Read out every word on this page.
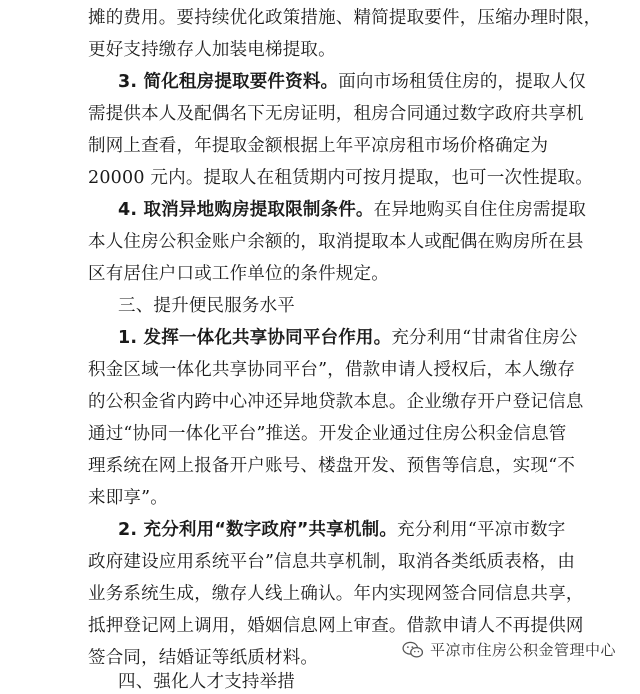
摊的费用。要持续优化政策措施、精简提取要件，压缩办理时限，
更好支持缴存人加装电梯提取。
3. 简化租房提取要件资料。面向市场租赁住房的，提取人仅
需提供本人及配偶名下无房证明，租房合同通过数字政府共享机
制网上查看，年提取金额根据上年平凉房租市场价格确定为
20000 元内。提取人在租赁期内可按月提取，也可一次性提取。
4. 取消异地购房提取限制条件。在异地购买自住住房需提取
本人住房公积金账户余额的，取消提取本人或配偶在购房所在县
区有居住户口或工作单位的条件规定。
三、提升便民服务水平
1. 发挥一体化共享协同平台作用。充分利用“甘肃省住房公
积金区域一体化共享协同平台”，借款申请人授权后，本人缴存
的公积金省内跨中心冲还异地贷款本息。企业缴存开户登记信息
通过“协同一体化平台”推送。开发企业通过住房公积金信息管
理系统在网上报备开户账号、楼盘开发、预售等信息，实现“不
来即享”。
2. 充分利用“数字政府”共享机制。充分利用“平凉市数字
政府建设应用系统平台”信息共享机制，取消各类纸质表格，由
业务系统生成，缴存人线上确认。年内实现网签合同信息共享，
抵押登记网上调用，婚姻信息网上审查。借款申请人不再提供网
签合同，结婚证等纸质材料。
四、强化人才支持举措
平凉市住房公积金管理中心
